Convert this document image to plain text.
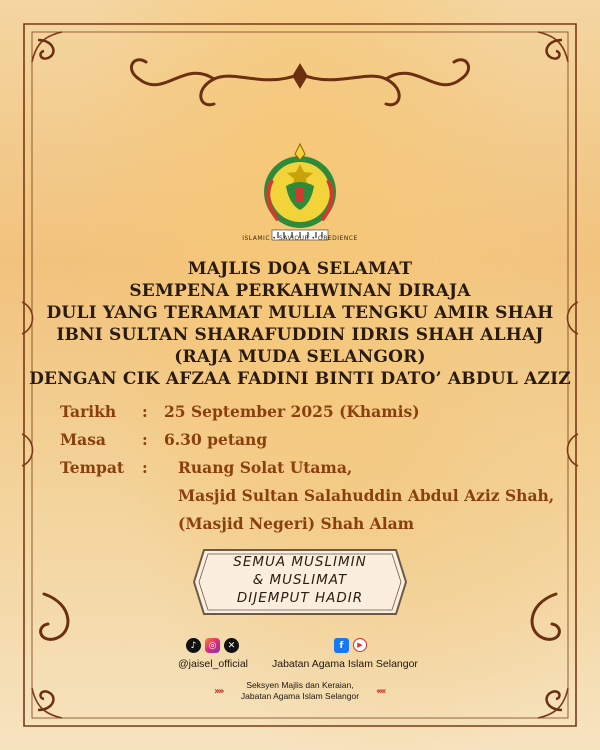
ISLAMIC • SAVIOUR • OBEDIENCE
MAJLIS DOA SELAMAT
SEMPENA PERKAHWINAN DIRAJA
DULI YANG TERAMAT MULIA TENGKU AMIR SHAH
IBNI SULTAN SHARAFUDDIN IDRIS SHAH ALHAJ
(RAJA MUDA SELANGOR)
DENGAN CIK AFZAA FADINI BINTI DATO’ ABDUL AZIZ
Tarikh : 25 September 2025 (Khamis)
Masa : 6.30 petang
Tempat : Ruang Solat Utama,
Masjid Sultan Salahuddin Abdul Aziz Shah,
(Masjid Negeri) Shah Alam
SEMUA MUSLIMIN
& MUSLIMAT
DIJEMPUT HADIR
♪	◎	✕
@jaisel_official
f	▶
Jabatan Agama Islam Selangor
››››
Seksyen Majlis dan Keraian,
Jabatan Agama Islam Selangor	‹‹‹‹
